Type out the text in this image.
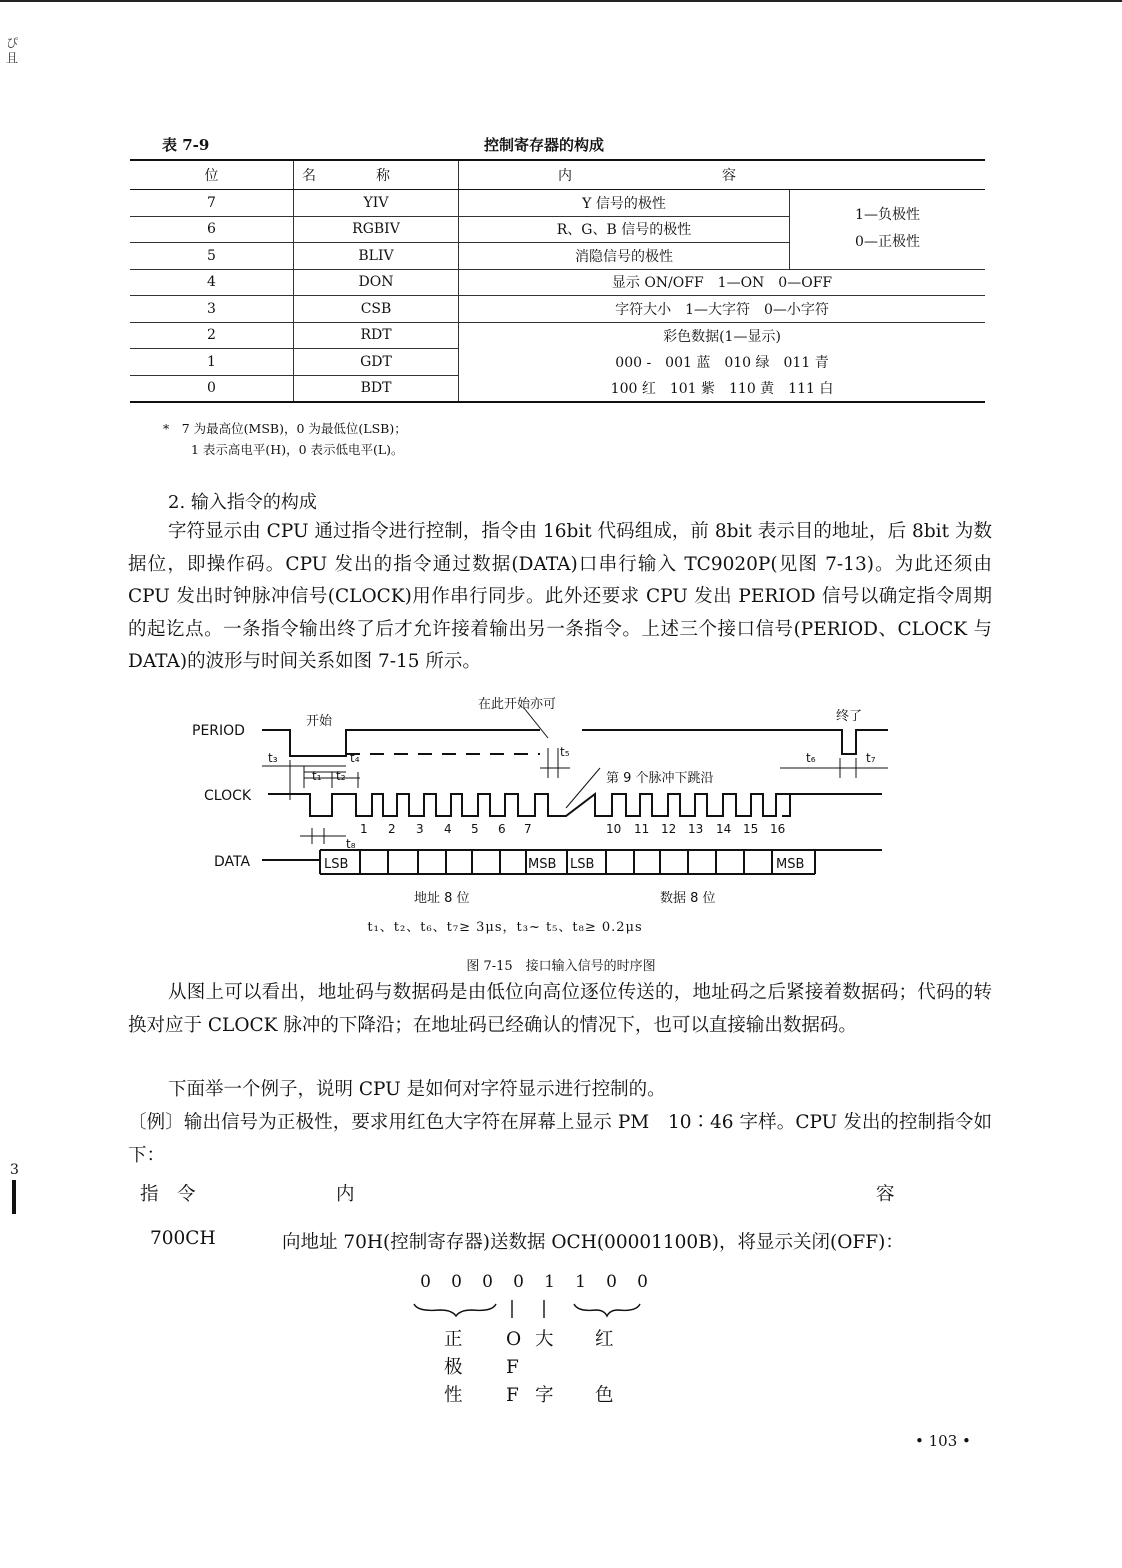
ぴ 且
3
表 7-9	控制寄存器的构成
位	名称	内容	
7	YIV	Y 信号的极性	1—负极性
0—正极性

6	RGBIV	R、G、B 信号的极性	
5	BLIV	消隐信号的极性	
4	DON	显示 ON/OFF　1—ON　0—OFF	
3	CSB	字符大小　1—大字符　0—小字符	
2	RDT	彩色数据(1—显示)	
1	GDT	000 -　001 蓝　010 绿　011 青	
0	BDT	100 红　101 紫　110 黄　111 白	
*　7 为最高位(MSB)，0 为最低位(LSB)；
1 表示高电平(H)，0 表示低电平(L)。
2. 输入指令的构成

字符显示由 CPU 通过指令进行控制，指令由 16bit 代码组成，前 8bit 表示目的地址，后 8bit 为数据位，即操作码。CPU 发出的指令通过数据(DATA)口串行输入 TC9020P(见图 7-13)。为此还须由 CPU 发出时钟脉冲信号(CLOCK)用作串行同步。此外还要求 CPU 发出 PERIOD 信号以确定指令周期的起讫点。一条指令输出终了后才允许接着输出另一条指令。上述三个接口信号(PERIOD、CLOCK 与 DATA)的波形与时间关系如图 7-15 所示。

PERIOD
CLOCK
DATA
开始
在此开始亦可
终了
第 9 个脉冲下跳沿
t₃	t₄
t₁ t₂
t₅	t₆	t₇
t₈
1 2 3 4 5 6 7	10 11 12 13 14 15 16
LSB	MSB LSB	MSB
地址 8 位	数据 8 位
t₁、t₂、t₆、t₇≥ 3μs，t₃~ t₅、t₈≥ 0.2μs
图 7-15　接口输入信号的时序图

从图上可以看出，地址码与数据码是由低位向高位逐位传送的，地址码之后紧接着数据码；代码的转换对应于 CLOCK 脉冲的下降沿；在地址码已经确认的情况下，也可以直接输出数据码。

下面举一个例子，说明 CPU 是如何对字符显示进行控制的。

〔例〕输出信号为正极性，要求用红色大字符在屏幕上显示 PM　10∶46 字样。CPU 发出的控制指令如下：

指　令	内	容
700CH	向地址 70H(控制寄存器)送数据 OCH(00001100B)，将显示关闭(OFF)：
0 0 0 0 1 1 0 0
正
极
性
O
F
F
大
字
红
色
• 103 •
